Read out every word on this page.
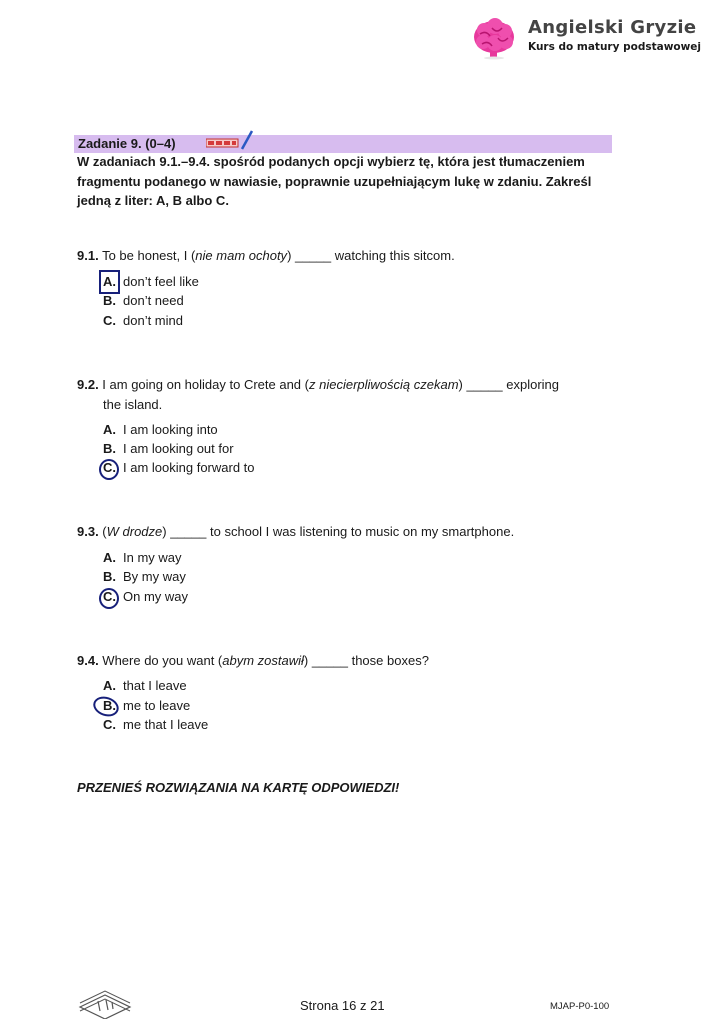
Angielski Gryzie
Kurs do matury podstawowej
Zadanie 9. (0–4)
W zadaniach 9.1.–9.4. spośród podanych opcji wybierz tę, która jest tłumaczeniem fragmentu podanego w nawiasie, poprawnie uzupełniającym lukę w zdaniu. Zakreśl jedną z liter: A, B albo C.
9.1. To be honest, I (nie mam ochoty) _____ watching this sitcom.
A. don’t feel like
B. don’t need
C. don’t mind
9.2. I am going on holiday to Crete and (z niecierpliwością czekam) _____ exploring
the island.
A. I am looking into
B. I am looking out for
C. I am looking forward to
9.3. (W drodze) _____ to school I was listening to music on my smartphone.
A. In my way
B. By my way
C. On my way
9.4. Where do you want (abym zostawił) _____ those boxes?
A. that I leave
B. me to leave
C. me that I leave
PRZENIEŚ ROZWIĄZANIA NA KARTĘ ODPOWIEDZI!
Strona 16 z 21	MJAP-P0-100
